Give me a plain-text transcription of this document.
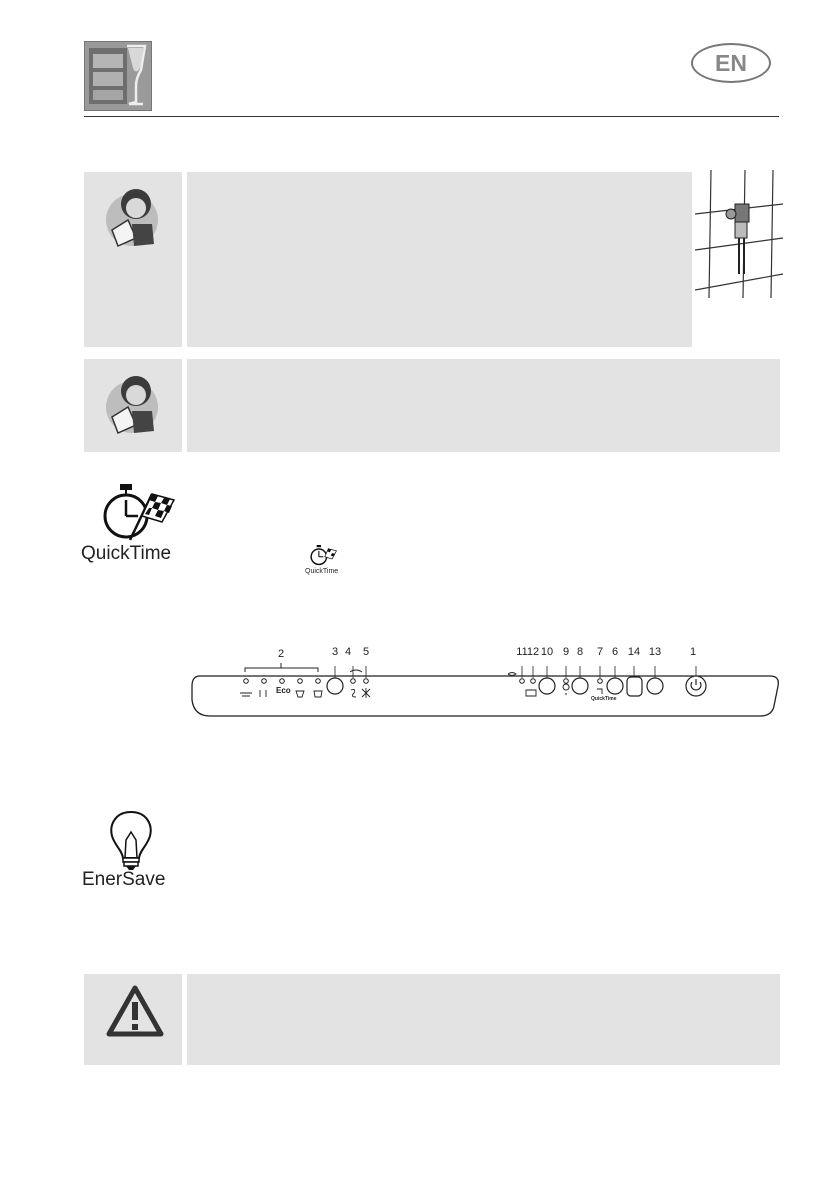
EN
QuickTime
QuickTime
2	3 4 5	11 12 10 9 8 7 6 14 13	1
Eco
QuickTime
EnerSave
